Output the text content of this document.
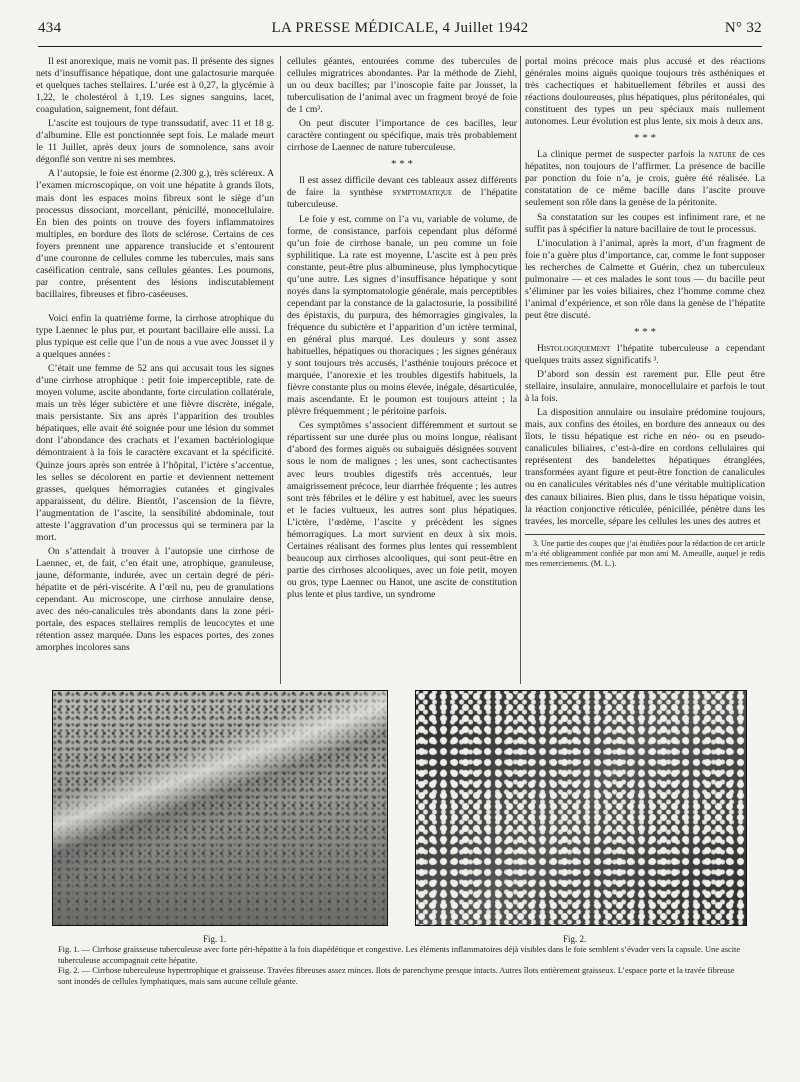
434	LA PRESSE MÉDICALE, 4 Juillet 1942	N° 32

Il est anorexique, mais ne vomit pas. Il présente des signes nets d’insuffisance hépatique, dont une galactosurie marquée et quelques taches stellaires. L’urée est à 0,27, la glycémie à 1,22, le cholestérol à 1,19. Les signes sanguins, lacet, coagulation, saignement, font défaut.

L’ascite est toujours de type transsudatif, avec 11 et 18 g. d’albumine. Elle est ponctionnée sept fois. Le malade meurt le 11 Juillet, après deux jours de somnolence, sans avoir dégonflé son ventre ni ses membres.

A l’autopsie, le foie est énorme (2.300 g.), très scléreux. A l’examen microscopique, on voit une hépatite à grands îlots, mais dont les espaces moins fibreux sont le siège d’un processus dissociant, morcellant, pénicillé, monocellulaire. En bien des points on trouve des foyers inflammatoires multiples, en bordure des îlots de sclérose. Certains de ces foyers prennent une apparence translucide et s’entourent d’une couronne de cellules comme les tubercules, mais sans caséification centrale, sans cellules géantes. Les poumons, par contre, présentent des lésions indiscutablement bacillaires, fibreuses et fibro-caséeuses.

Voici enfin la quatrième forme, la cirrhose atrophique du type Laennec le plus pur, et pourtant bacillaire elle aussi. La plus typique est celle que l’un de nous a vue avec Jousset il y a quelques années :

C’était une femme de 52 ans qui accusait tous les signes d’une cirrhose atrophique : petit foie imperceptible, rate de moyen volume, ascite abondante, forte circulation collatérale, mais un très léger subictère et une fièvre discrète, inégale, mais persistante. Six ans après l’apparition des troubles hépatiques, elle avait été soignée pour une lésion du sommet dont l’abondance des crachats et l’examen bactériologique démontraient à la fois le caractère excavant et la spécificité. Quinze jours après son entrée à l’hôpital, l’ictère s’accentue, les selles se décolorent en partie et deviennent nettement grasses, quelques hémorragies cutanées et gingivales apparaissent, du délire. Bientôt, l’ascension de la fièvre, l’augmentation de l’ascite, la sensibilité abdominale, tout atteste l’aggravation d’un processus qui se terminera par la mort.

On s’attendait à trouver à l’autopsie une cirrhose de Laennec, et, de fait, c’en était une, atrophique, granuleuse, jaune, déformante, indurée, avec un certain degré de péri-hépatite et de péri-viscérite. A l’œil nu, peu de granulations cependant. Au microscope, une cirrhose annulaire dense, avec des néo-canalicules très abondants dans la zone péri-portale, des espaces stellaires remplis de leucocytes et une rétention assez marquée. Dans les espaces portes, des zones amorphes incolores sans

cellules géantes, entourées comme des tubercules de cellules migratrices abondantes. Par la méthode de Ziehl, un ou deux bacilles; par l’inoscopie faite par Jousset, la tuberculisation de l’animal avec un fragment broyé de foie de 1 cm³.

On peut discuter l’importance de ces bacilles, leur caractère contingent ou spécifique, mais très probablement cirrhose de Laennec de nature tuberculeuse.

* * *

Il est assez difficile devant ces tableaux assez différents de faire la synthèse symptomatique de l’hépatite tuberculeuse.

Le foie y est, comme on l’a vu, variable de volume, de forme, de consistance, parfois cependant plus déformé qu’un foie de cirrhose banale, un peu comme un foie syphilitique. La rate est moyenne, L’ascite est à peu près constante, peut-être plus albumineuse, plus lymphocytique qu’une autre. Les signes d’insuffisance hépatique y sont noyés dans la symptomatologie générale, mais perceptibles cependant par la constance de la galactosurie, la possibilité des épistaxis, du purpura, des hémorragies gingivales, la fréquence du subictère et l’apparition d’un ictère terminal, en général plus marqué. Les douleurs y sont assez habituelles, hépatiques ou thoraciques ; les signes généraux y sont toujours très accusés, l’asthénie toujours précoce et marquée, l’anorexie et les troubles digestifs habituels, la fièvre constante plus ou moins élevée, inégale, désarticulée, mais ascendante. Et le poumon est toujours atteint ; la plèvre fréquemment ; le péritoine parfois.

Ces symptômes s’associent différemment et surtout se répartissent sur une durée plus ou moins longue, réalisant d’abord des formes aiguës ou subaiguës désignées souvent sous le nom de malignes ; les unes, sont cachectisantes avec leurs troubles digestifs très accentués, leur amaigrissement précoce, leur diarrhée fréquente ; les autres sont très fébriles et le délire y est habituel, avec les sueurs et le facies vultueux, les autres sont plus hépatiques. L’ictère, l’œdème, l’ascite y précèdent les signes hémorragiques. La mort survient en deux à six mois. Certaines réalisant des formes plus lentes qui ressemblent beaucoup aux cirrhoses alcooliques, qui sont peut-être en partie des cirrhoses alcooliques, avec un foie petit, moyen ou gros, type Laennec ou Hanot, une ascite de constitution plus lente et plus tardive, un syndrome

portal moins précoce mais plus accusé et des réactions générales moins aiguës quoique toujours très asthéniques et très cachectiques et habituellement fébriles et aussi des réactions douloureuses, plus hépatiques, plus péritonéales, qui constituent des types un peu spéciaux mais nullement autonomes. Leur évolution est plus lente, six mois à deux ans.

* * *

La clinique permet de suspecter parfois la nature de ces hépatites, non toujours de l’affirmer. La présence de bacille par ponction du foie n’a, je crois, guère été réalisée. La constatation de ce même bacille dans l’ascite prouve seulement son rôle dans la genèse de la péritonite.

Sa constatation sur les coupes est infiniment rare, et ne suffit pas à spécifier la nature bacillaire de tout le processus.

L’inoculation à l’animal, après la mort, d’un fragment de foie n’a guère plus d’importance, car, comme le font supposer les recherches de Calmette et Guérin, chez un tuberculeux pulmonaire — et ces malades le sont tous — du bacille peut s’éliminer par les voies biliaires, chez l’homme comme chez l’animal d’expérience, et son rôle dans la genèse de l’hépatite peut être discuté.

* * *

Histologiquement l’hépatite tuberculeuse a cependant quelques traits assez significatifs ³.

D’abord son dessin est rarement pur. Elle peut être stellaire, insulaire, annulaire, monocellulaire et parfois le tout à la fois.

La disposition annulaire ou insulaire prédomine toujours, mais, aux confins des étoiles, en bordure des anneaux ou des îlots, le tissu hépatique est riche en néo- ou en pseudo-canalicules biliaires, c’est-à-dire en cordons cellulaires qui représentent des bandelettes hépatiques étranglées, transformées ayant figure et peut-être fonction de canalicules ou en canalicules véritables nés d’une véritable multiplication des canaux biliaires. Bien plus, dans le tissu hépatique voisin, la réaction conjonctive réticulée, pénicillée, pénètre dans les travées, les morcelle, sépare les cellules les unes des autres et

3. Une partie des coupes que j’ai étudiées pour la rédaction de cet article m’a été obligeamment confiée par mon ami M. Ameuille, auquel je redis mes remerciements. (M. L.).
Fig. 1.	Fig. 2.

Fig. 1. — Cirrhose graisseuse tuberculeuse avec forte péri-hépatite à la fois diapédétique et congestive. Les éléments inflammatoires déjà visibles dans le foie semblent s’évader vers la capsule. Une ascite tuberculeuse accompagnait cette hépatite.

Fig. 2. — Cirrhose tuberculeuse hypertrophique et graisseuse. Travées fibreuses assez minces. Ilots de parenchyme presque intacts. Autres îlots entièrement graisseux. L’espace porte et la travée fibreuse sont inondés de cellules lymphatiques, mais sans aucune cellule géante.
